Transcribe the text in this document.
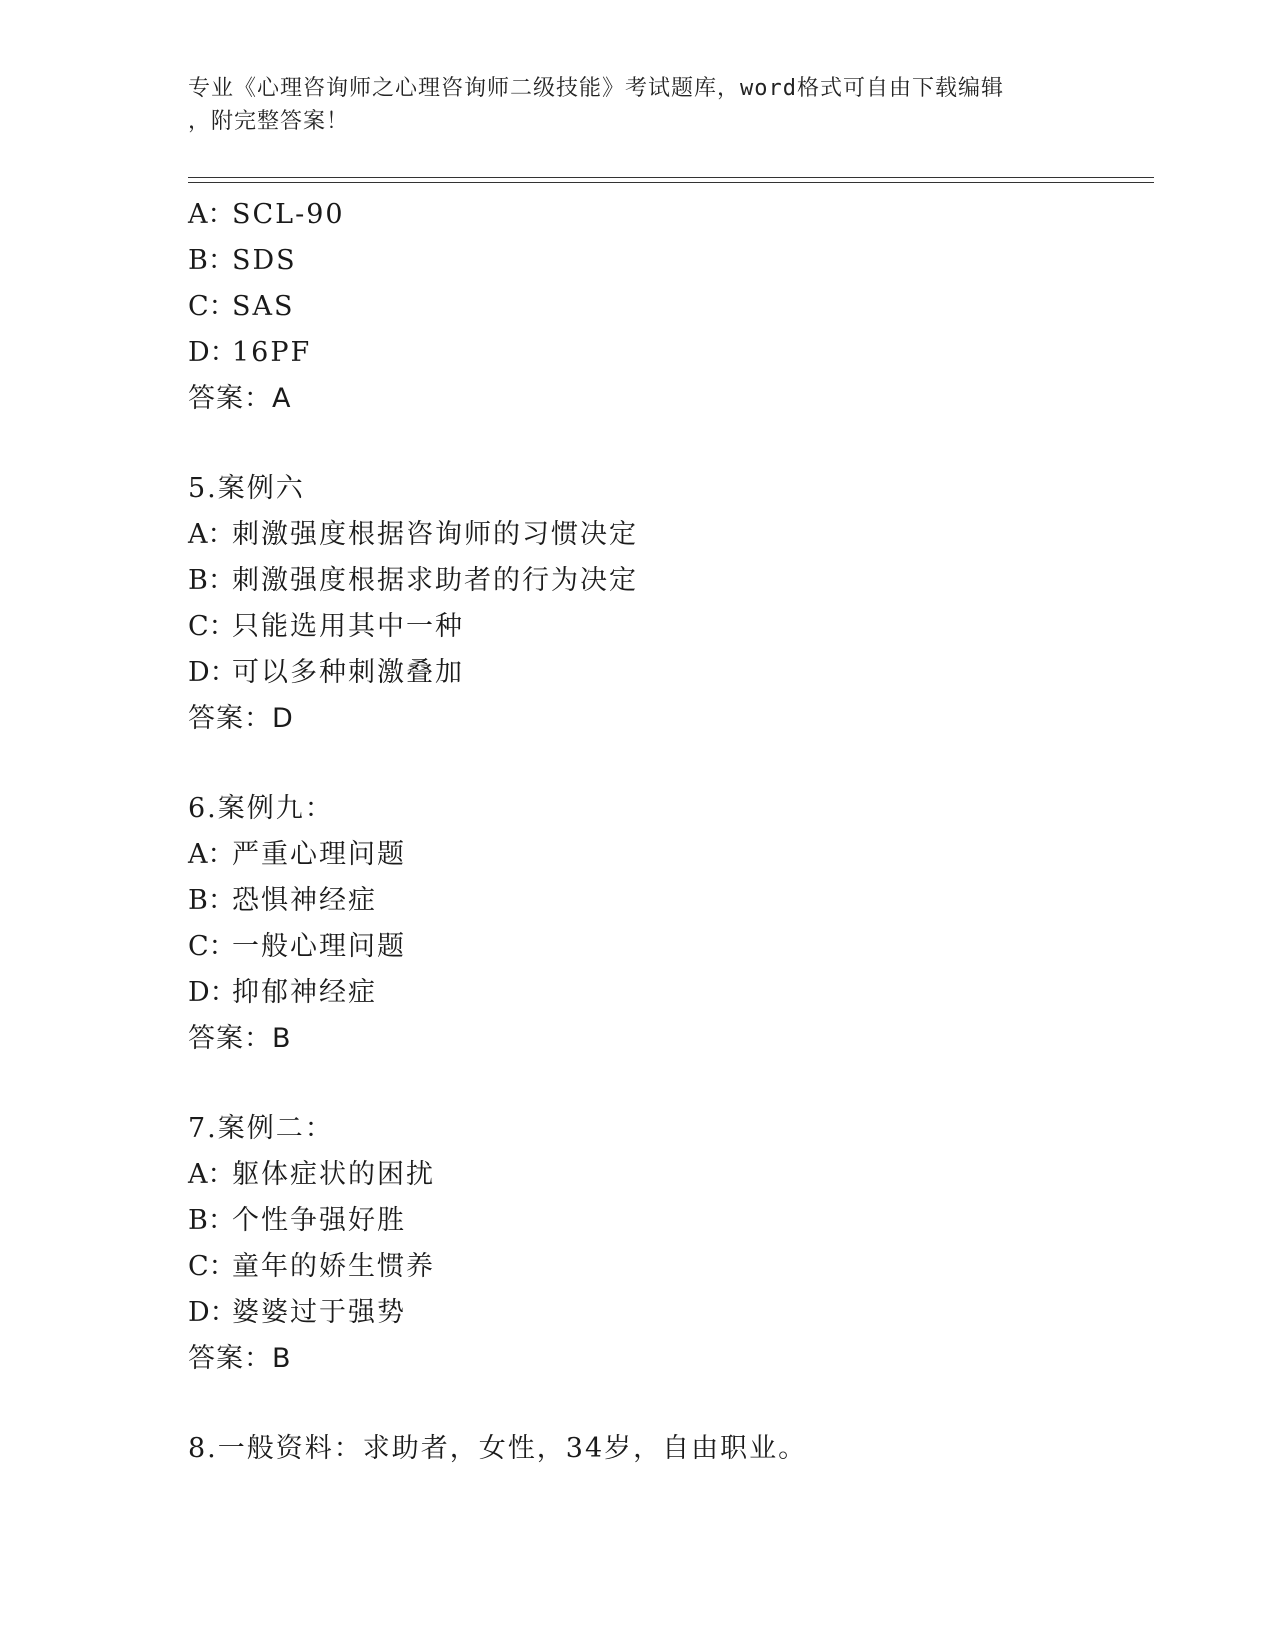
专业《心理咨询师之心理咨询师二级技能》考试题库，word格式可自由下载编辑
，附完整答案！
A：SCL-90
B：SDS
C：SAS
D：16PF
答案：A
5.案例六
A：刺激强度根据咨询师的习惯决定
B：刺激强度根据求助者的行为决定
C：只能选用其中一种
D：可以多种刺激叠加
答案：D
6.案例九：
A：严重心理问题
B：恐惧神经症
C：一般心理问题
D：抑郁神经症
答案：B
7.案例二：
A：躯体症状的困扰
B：个性争强好胜
C：童年的娇生惯养
D：婆婆过于强势
答案：B
8.一般资料：求助者，女性，34岁，自由职业。
